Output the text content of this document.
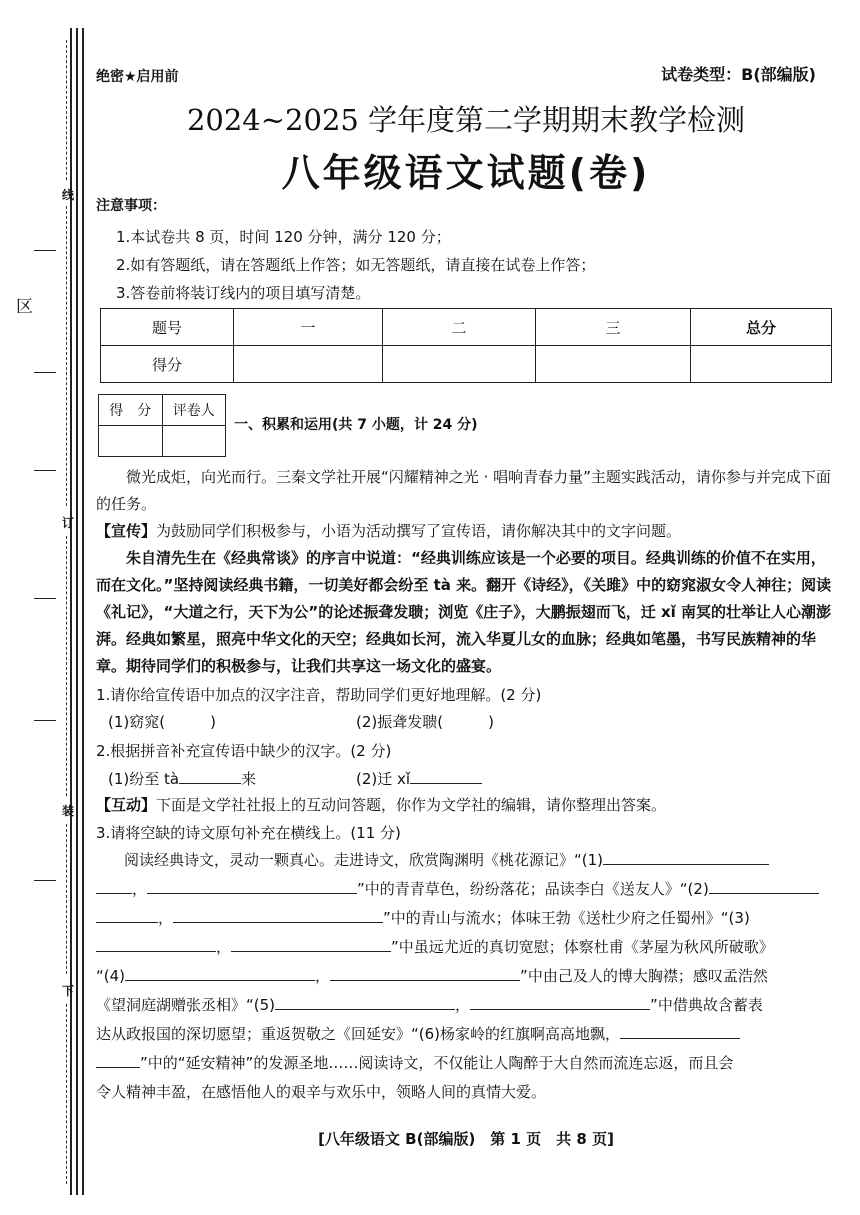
区
线
订
装
下
绝密★启用前	试卷类型：B(部编版)
2024~2025 学年度第二学期期末教学检测
八年级语文试题(卷)
注意事项：
1.本试卷共 8 页，时间 120 分钟，满分 120 分；
2.如有答题纸，请在答题纸上作答；如无答题纸，请直接在试卷上作答；
3.答卷前将装订线内的项目填写清楚。
题号	一	二	三	总分
得分				
得　分	评卷人

一、积累和运用(共 7 小题，计 24 分)
微光成炬，向光而行。三秦文学社开展“闪耀精神之光 · 唱响青春力量”主题实践活动，请你参与并完成下面的任务。
【宣传】为鼓励同学们积极参与，小语为活动撰写了宣传语，请你解决其中的文字问题。
朱自清先生在《经典常谈》的序言中说道：“经典训练应该是一个必要的项目。经典训练的价值不在实用，而在文化。”坚持阅读经典书籍，一切美好都会纷至 tà 来。翻开《诗经》，《关雎》中的窈窕淑女令人神往；阅读《礼记》，“大道之行，天下为公”的论述振聋发聩；浏览《庄子》，大鹏振翅而飞，迁 xǐ 南冥的壮举让人心潮澎湃。经典如繁星，照亮中华文化的天空；经典如长河，流入华夏儿女的血脉；经典如笔墨，书写民族精神的华章。期待同学们的积极参与，让我们共享这一场文化的盛宴。
1.请你给宣传语中加点的汉字注音，帮助同学们更好地理解。(2 分)
(1)窈窕(　　　)	(2)振聋发聩(　　　)
2.根据拼音补充宣传语中缺少的汉字。(2 分)
(1)纷至 tà	来	(2)迁 xǐ
【互动】下面是文学社社报上的互动问答题，你作为文学社的编辑，请你整理出答案。
3.请将空缺的诗文原句补充在横线上。(11 分)
阅读经典诗文，灵动一颗真心。走进诗文，欣赏陶渊明《桃花源记》“(1)
，	”中的青青草色，纷纷落花；品读李白《送友人》“(2)
，	”中的青山与流水；体味王勃《送杜少府之任蜀州》“(3)
，	”中虽远尤近的真切宽慰；体察杜甫《茅屋为秋风所破歌》
“(4)	，	”中由己及人的博大胸襟；感叹孟浩然
《望洞庭湖赠张丞相》“(5)	，	”中借典故含蓄表
达从政报国的深切愿望；重返贺敬之《回延安》“(6)杨家岭的红旗啊高高地飘，
”中的“延安精神”的发源圣地……阅读诗文，不仅能让人陶醉于大自然而流连忘返，而且会
令人精神丰盈，在感悟他人的艰辛与欢乐中，领略人间的真情大爱。
[八年级语文 B(部编版)　第 1 页　共 8 页]
